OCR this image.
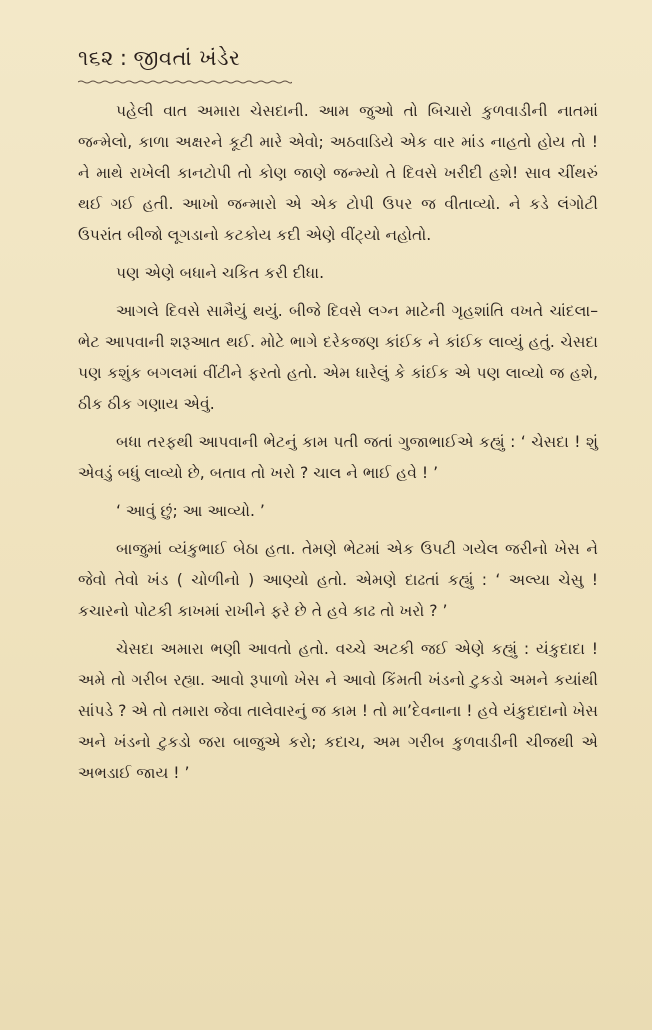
૧૬૨ : જીવતાં ખંડેર

પહેલી વાત અમારા ચેસદાની. આમ જુઓ તો બિચારો કુળવાડીની નાતમાં જન્મેલો, કાળા અક્ષરને કૂટી મારે એવો; અઠવાડિયે એક વાર માંડ નાહતો હોય તો ! ને માથે રાખેલી કાનટોપી તો કોણ જાણે જન્મ્યો તે દિવસે ખરીદી હશે! સાવ ચીંથરું થઈ ગઈ હતી. આખો જન્મારો એ એક ટોપી ઉપર જ વીતાવ્યો. ને કડે લંગોટી ઉપરાંત બીજો લૂગડાનો કટકોય કદી એણે વીંટ્યો નહોતો.

પણ એણે બધાને ચકિત કરી દીધા.

આગલે દિવસે સામૈયું થયું. બીજે દિવસે લગ્ન માટેની ગૃહશાંતિ વખતે ચાંદલા–ભેટ આપવાની શરૂઆત થઈ. મોટે ભાગે દરેકજણ કાંઈક ને કાંઈક લાવ્યું હતું. ચેસદા પણ કશુંક બગલમાં વીંટીને ફરતો હતો. એમ ધારેલું કે કાંઈક એ પણ લાવ્યો જ હશે, ઠીક ઠીક ગણાય એવું.

બધા તરફથી આપવાની ભેટનું કામ પતી જતાં ગુજાભાઈએ કહ્યું : ‘ ચેસદા ! શું એવડું બધું લાવ્યો છે, બતાવ તો ખરો ? ચાલ ને ભાઈ હવે ! ’

‘ આવું છું; આ આવ્યો. ’

બાજુમાં વ્યંકુભાઈ બેઠા હતા. તેમણે ભેટમાં એક ઉપટી ગયેલ જરીનો ખેસ ને જેવો તેવો ખંડ ( ચોળીનો ) આણ્યો હતો. એમણે દાઢતાં કહ્યું : ‘ અલ્યા ચેસુ ! કચારનો પોટકી કાખમાં રાખીને ફરે છે તે હવે કાઢ તો ખરો ? ’

ચેસદા અમારા ભણી આવતો હતો. વચ્ચે અટકી જઈ એણે કહ્યું : યંકુદાદા ! અમે તો ગરીબ રહ્યા. આવો રૂપાળો ખેસ ને આવો કિંમતી ખંડનો ટુકડો અમને કયાંથી સાંપડે ? એ તો તમારા જેવા તાલેવારનું જ કામ ! તો મા’દેવનાના ! હવે યંકુદાદાનો ખેસ અને ખંડનો ટુકડો જરા બાજુએ કરો; કદાચ, અમ ગરીબ કુળવાડીની ચીજથી એ અભડાઈ જાય ! ’
